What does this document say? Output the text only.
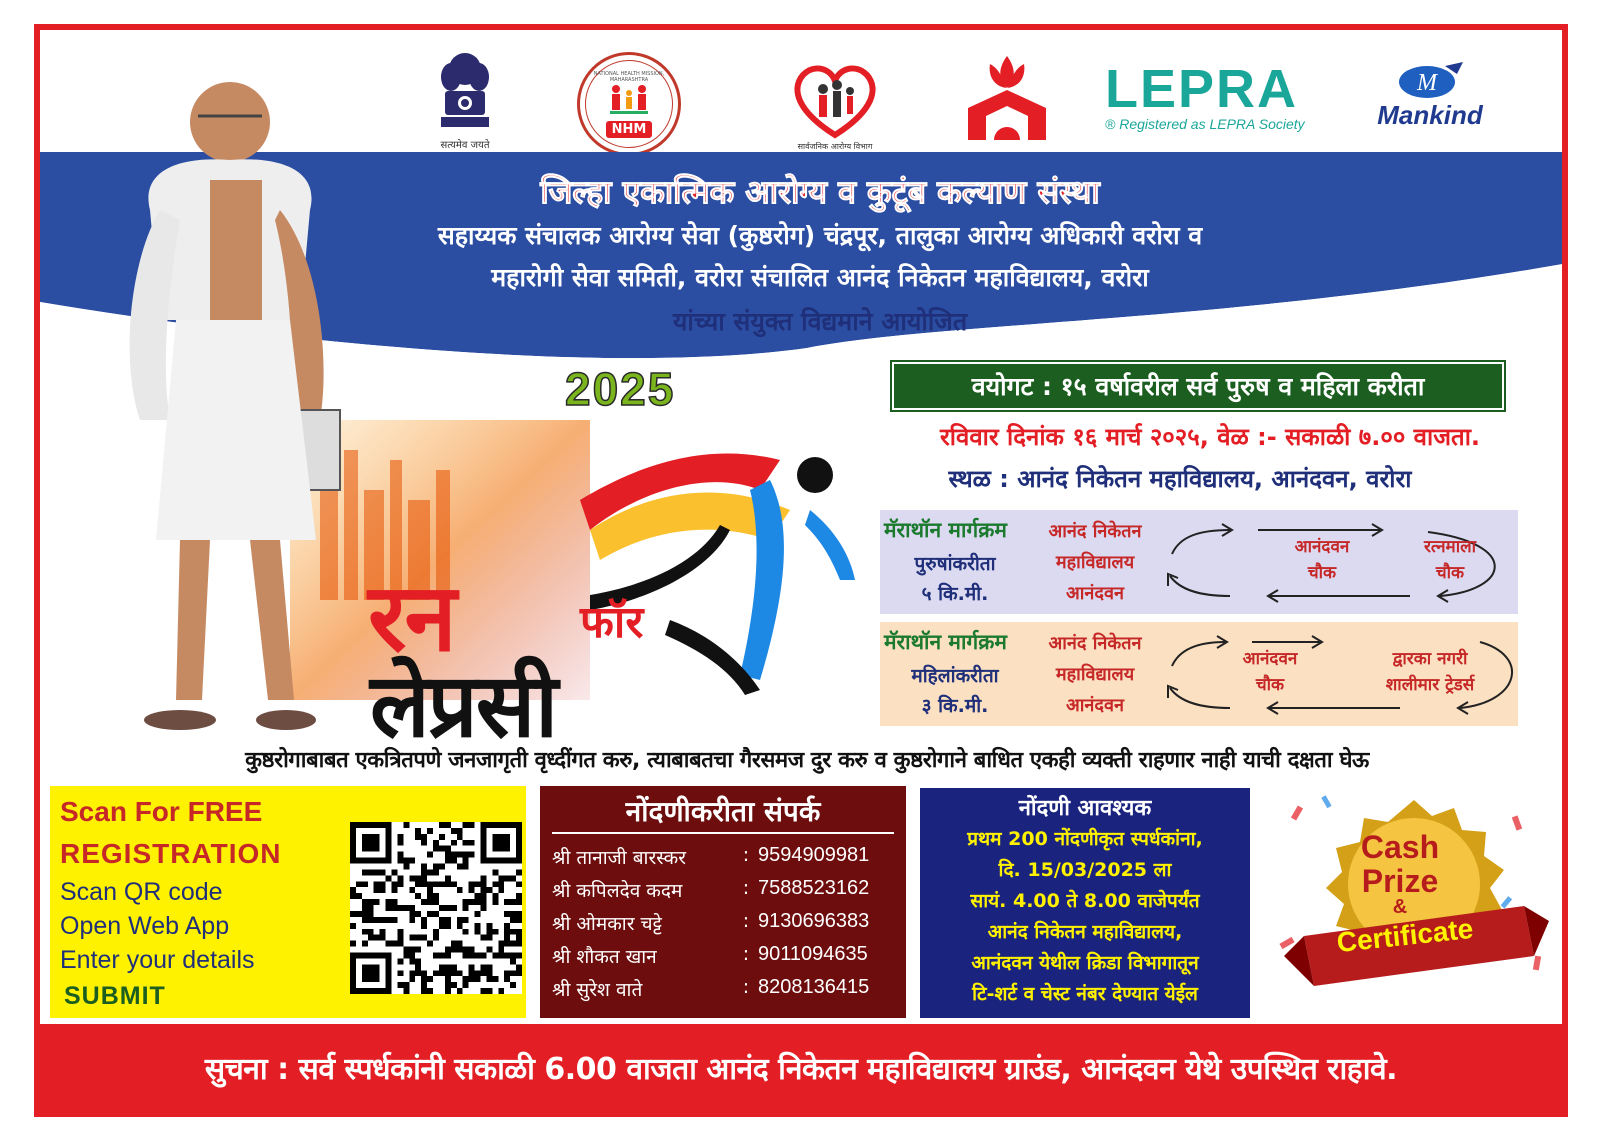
सत्यमेव जयते
NATIONAL HEALTH MISSION, MAHARASHTRA
NHM
सार्वजनिक आरोग्य विभाग
LEPRA
® Registered as LEPRA Society
M
Mankind
जिल्हा एकात्मिक आरोग्य व कुटूंब कल्याण संस्था
सहाय्यक संचालक आरोग्य सेवा (कुष्ठरोग) चंद्रपूर, तालुका आरोग्य अधिकारी वरोरा व
महारोगी सेवा समिती, वरोरा संचालित आनंद निकेतन महाविद्यालय, वरोरा
यांच्या संयुक्त विद्यमाने आयोजित
2025
रन	फॉर
लेप्रसी
वयोगट : १५ वर्षावरील सर्व पुरुष व महिला करीता
रविवार दिनांक १६ मार्च २०२५, वेळ :- सकाळी ७.०० वाजता.
स्थळ : आनंद निकेतन महाविद्यालय, आनंदवन, वरोरा
मॅराथॉन मार्गक्रम
पुरुषांकरीता
५ कि.मी.
आनंद निकेतन
महाविद्यालय
आनंदवन
आनंदवन
चौक
रत्नमाला
चौक
मॅराथॉन मार्गक्रम
महिलांकरीता
३ कि.मी.
आनंद निकेतन
महाविद्यालय
आनंदवन
आनंदवन
चौक
द्वारका नगरी
शालीमार ट्रेडर्स
कुष्ठरोगाबाबत एकत्रितपणे जनजागृती वृध्दींगत करु, त्याबाबतचा गैरसमज दुर करु व कुष्ठरोगाने बाधित एकही व्यक्ती राहणार नाही याची दक्षता घेऊ
Scan For FREE
REGISTRATION
Scan QR code
Open Web App
Enter your details
SUBMIT
नोंदणीकरीता संपर्क
श्री तानाजी बारस्कर	: 9594909981
श्री कपिलदेव कदम	: 7588523162
श्री ओमकार चट्टे	: 9130696383
श्री शौकत खान	: 9011094635
श्री सुरेश वाते	: 8208136415
नोंदणी आवश्यक
प्रथम 200 नोंदणीकृत स्पर्धकांना,
दि. 15/03/2025 ला
सायं. 4.00 ते 8.00 वाजेपर्यंत
आनंद निकेतन महाविद्यालय,
आनंदवन येथील क्रिडा विभागातून
टि-शर्ट व चेस्ट नंबर देण्यात येईल
Cash
Prize
&
Certificate
सुचना : सर्व स्पर्धकांनी सकाळी 6.00 वाजता आनंद निकेतन महाविद्यालय ग्राउंड, आनंदवन येथे उपस्थित राहावे.
